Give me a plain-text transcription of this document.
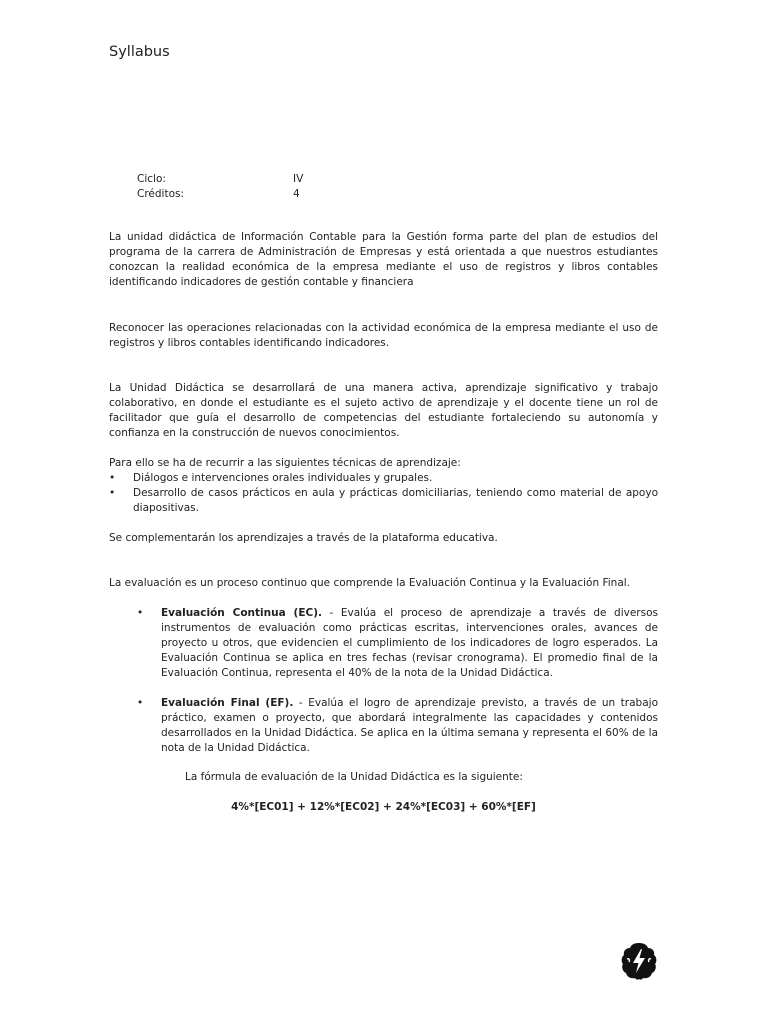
Syllabus
Ciclo:	IV
Créditos:	4

La unidad didáctica de Información Contable para la Gestión forma parte del plan de estudios del programa de la carrera de Administración de Empresas y está orientada a que nuestros estudiantes conozcan la realidad económica de la empresa mediante el uso de registros y libros contables identificando indicadores de gestión contable y financiera

Reconocer las operaciones relacionadas con la actividad económica de la empresa mediante el uso de registros y libros contables identificando indicadores.

La Unidad Didáctica se desarrollará de una manera activa, aprendizaje significativo y trabajo colaborativo, en donde el estudiante es el sujeto activo de aprendizaje y el docente tiene un rol de facilitador que guía el desarrollo de competencias del estudiante fortaleciendo su autonomía y confianza en la construcción de nuevos conocimientos.

Para ello se ha de recurrir a las siguientes técnicas de aprendizaje:

• Diálogos e intervenciones orales individuales y grupales.
• Desarrollo de casos prácticos en aula y prácticas domiciliarias, teniendo como material de apoyo diapositivas.

Se complementarán los aprendizajes a través de la plataforma educativa.

La evaluación es un proceso continuo que comprende la Evaluación Continua y la Evaluación Final.

• Evaluación Continua (EC). - Evalúa el proceso de aprendizaje a través de diversos instrumentos de evaluación como prácticas escritas, intervenciones orales, avances de proyecto u otros, que evidencien el cumplimiento de los indicadores de logro esperados. La Evaluación Continua se aplica en tres fechas (revisar cronograma). El promedio final de la Evaluación Continua, representa el 40% de la nota de la Unidad Didáctica.
• Evaluación Final (EF). - Evalúa el logro de aprendizaje previsto, a través de un trabajo práctico, examen o proyecto, que abordará integralmente las capacidades y contenidos desarrollados en la Unidad Didáctica. Se aplica en la última semana y representa el 60% de la nota de la Unidad Didáctica.
La fórmula de evaluación de la Unidad Didáctica es la siguiente:
4%*[EC01] + 12%*[EC02] + 24%*[EC03] + 60%*[EF]
